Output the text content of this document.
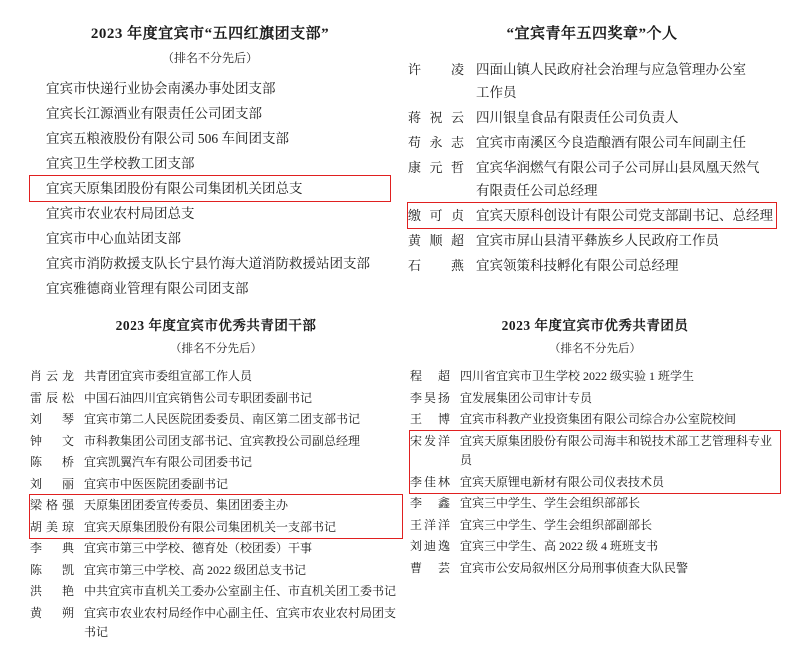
2023 年度宜宾市“五四红旗团支部”
（排名不分先后）
宜宾市快递行业协会南溪办事处团支部
宜宾长江源酒业有限责任公司团支部
宜宾五粮液股份有限公司 506 车间团支部
宜宾卫生学校教工团支部
宜宾天原集团股份有限公司集团机关团总支
宜宾市农业农村局团总支
宜宾市中心血站团支部
宜宾市消防救援支队长宁县竹海大道消防救援站团支部
宜宾雅德商业管理有限公司团支部
“宜宾青年五四奖章”个人
许　凌 四面山镇人民政府社会治理与应急管理办公室
工作员
蒋祝云 四川银皇食品有限责任公司负责人
苟永志 宜宾市南溪区今良造酿酒有限公司车间副主任
康元哲 宜宾华润燃气有限公司子公司屏山县凤凰天然气
有限责任公司总经理
缴可贞 宜宾天原科创设计有限公司党支部副书记、总经理
黄顺超 宜宾市屏山县清平彝族乡人民政府工作员
石　燕 宜宾领策科技孵化有限公司总经理
2023 年度宜宾市优秀共青团干部
（排名不分先后）
肖云龙 共青团宜宾市委组宣部工作人员
雷辰松 中国石油四川宜宾销售公司专职团委副书记
刘琴 宜宾市第二人民医院团委委员、南区第二团支部书记
钟文 市科教集团公司团支部书记、宜宾教投公司副总经理
陈桥 宜宾凯翼汽车有限公司团委书记
刘丽 宜宾市中医医院团委副书记
梁格强 天原集团团委宣传委员、集团团委主办
胡美琼 宜宾天原集团股份有限公司集团机关一支部书记
李典 宜宾市第三中学校、德育处（校团委）干事
陈凯 宜宾市第三中学校、高 2022 级团总支书记
洪艳 中共宜宾市直机关工委办公室副主任、市直机关团工委书记
黄朔 宜宾市农业农村局经作中心副主任、宜宾市农业农村局团支书记
2023 年度宜宾市优秀共青团员
（排名不分先后）
程超 四川省宜宾市卫生学校 2022 级实验 1 班学生
李昊扬 宜发展集团公司审计专员
王博 宜宾市科教产业投资集团有限公司综合办公室院校间
宋发洋 宜宾天原集团股份有限公司海丰和锐技术部工艺管理科专业
员
李佳林 宜宾天原锂电新材有限公司仪表技术员
李鑫 宜宾三中学生、学生会组织部部长
王洋洋 宜宾三中学生、学生会组织部副部长
刘迪逸 宜宾三中学生、高 2022 级 4 班班支书
曹芸 宜宾市公安局叙州区分局刑事侦查大队民警
